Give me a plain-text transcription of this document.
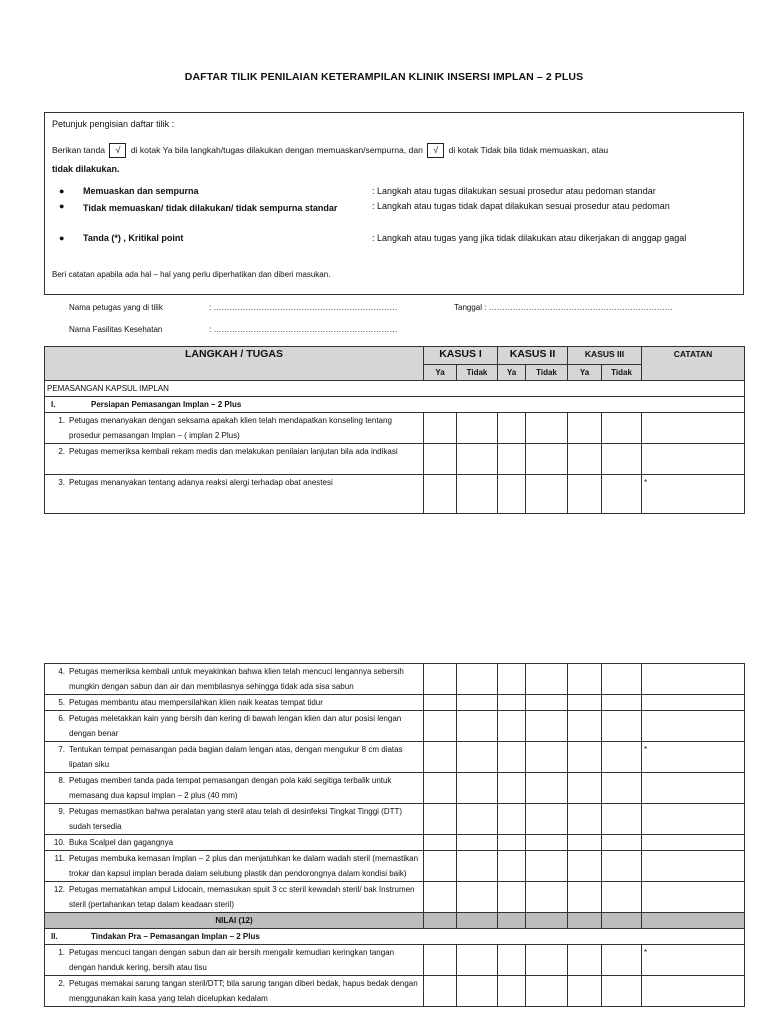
DAFTAR TILIK PENILAIAN KETERAMPILAN KLINIK INSERSI IMPLAN – 2 PLUS
Petunjuk pengisian daftar tilik :
Berikan tanda √ di kotak Ya bila langkah/tugas dilakukan dengan memuaskan/sempurna, dan √ di kotak Tidak bila tidak memuaskan, atau
tidak dilakukan.
● Memuaskan dan sempurna	: Langkah atau tugas dilakukan sesuai prosedur atau pedoman standar
● Tidak memuaskan/ tidak dilakukan/ tidak sempurna standar	: Langkah atau tugas tidak dapat dilakukan sesuai prosedur atau pedoman
● Tanda (*) , Kritikal point	: Langkah atau tugas yang jika tidak dilakukan atau dikerjakan di anggap gagal
Beri catatan apabila ada hal – hal yang perlu diperhatikan dan diberi masukan.
Nama petugas yang di tilik	: ……………………………………………………………	Tanggal : ……………………………………………………………
Nama Fasilitas Kesehatan	: ……………………………………………………………
LANGKAH / TUGAS	KASUS I		KASUS II		KASUS III		CATATAN
	Ya	Tidak	Ya	Tidak	Ya	Tidak	
PEMASANGAN KAPSUL IMPLAN							
I. Persiapan Pemasangan Implan – 2 Plus							

1. Petugas menanyakan dengan seksama apakah klien telah mendapatkan konseling tentang prosedur pemasangan Implan – ( implan 2 Plus)							

2. Petugas memeriksa kembali rekam medis dan melakukan penilaian lanjutan bila ada indikasi							

3. Petugas menanyakan tentang adanya reaksi alergi terhadap obat anestesi							*
4. Petugas memeriksa kembali untuk meyakinkan bahwa klien telah mencuci lengannya sebersih mungkin dengan sabun dan air dan membilasnya sehingga tidak ada sisa sabun							

5. Petugas membantu atau mempersilahkan klien naik keatas tempat tidur							

6. Petugas meletakkan kain yang bersih dan kering di bawah lengan klien dan atur posisi lengan dengan benar							

7. Tentukan tempat pemasangan pada bagian dalam lengan atas, dengan mengukur 8 cm diatas lipatan siku							*

8. Petugas memberi tanda pada tempat pemasangan dengan pola kaki segitiga terbalik untuk memasang dua kapsul implan – 2 plus (40 mm)							

9. Petugas memastikan bahwa peralatan yang steril atau telah di desinfeksi Tingkat Tinggi (DTT) sudah tersedia							

10. Buka Scalpel dan gagangnya							

11. Petugas membuka kemasan Implan – 2 plus dan menjatuhkan ke dalam wadah steril (memastikan trokar dan kapsul implan berada dalam selubung plastik dan pendorongnya dalam kondisi baik)							

12. Petugas mematahkan ampul Lidocain, memasukan spuit 3 cc steril kewadah steril/ bak Instrumen steril (pertahankan tetap dalam keadaan steril)							

NILAI (12)							
II. Tindakan Pra – Pemasangan Implan – 2 Plus							

1. Petugas mencuci tangan dengan sabun dan air bersih mengalir kemudian keringkan tangan dengan handuk kering, bersih atau tisu							*

2. Petugas memakai sarung tangan steril/DTT; bila sarung tangan diberi bedak, hapus bedak dengan menggunakan kain kasa yang telah dicelupkan kedalam							
